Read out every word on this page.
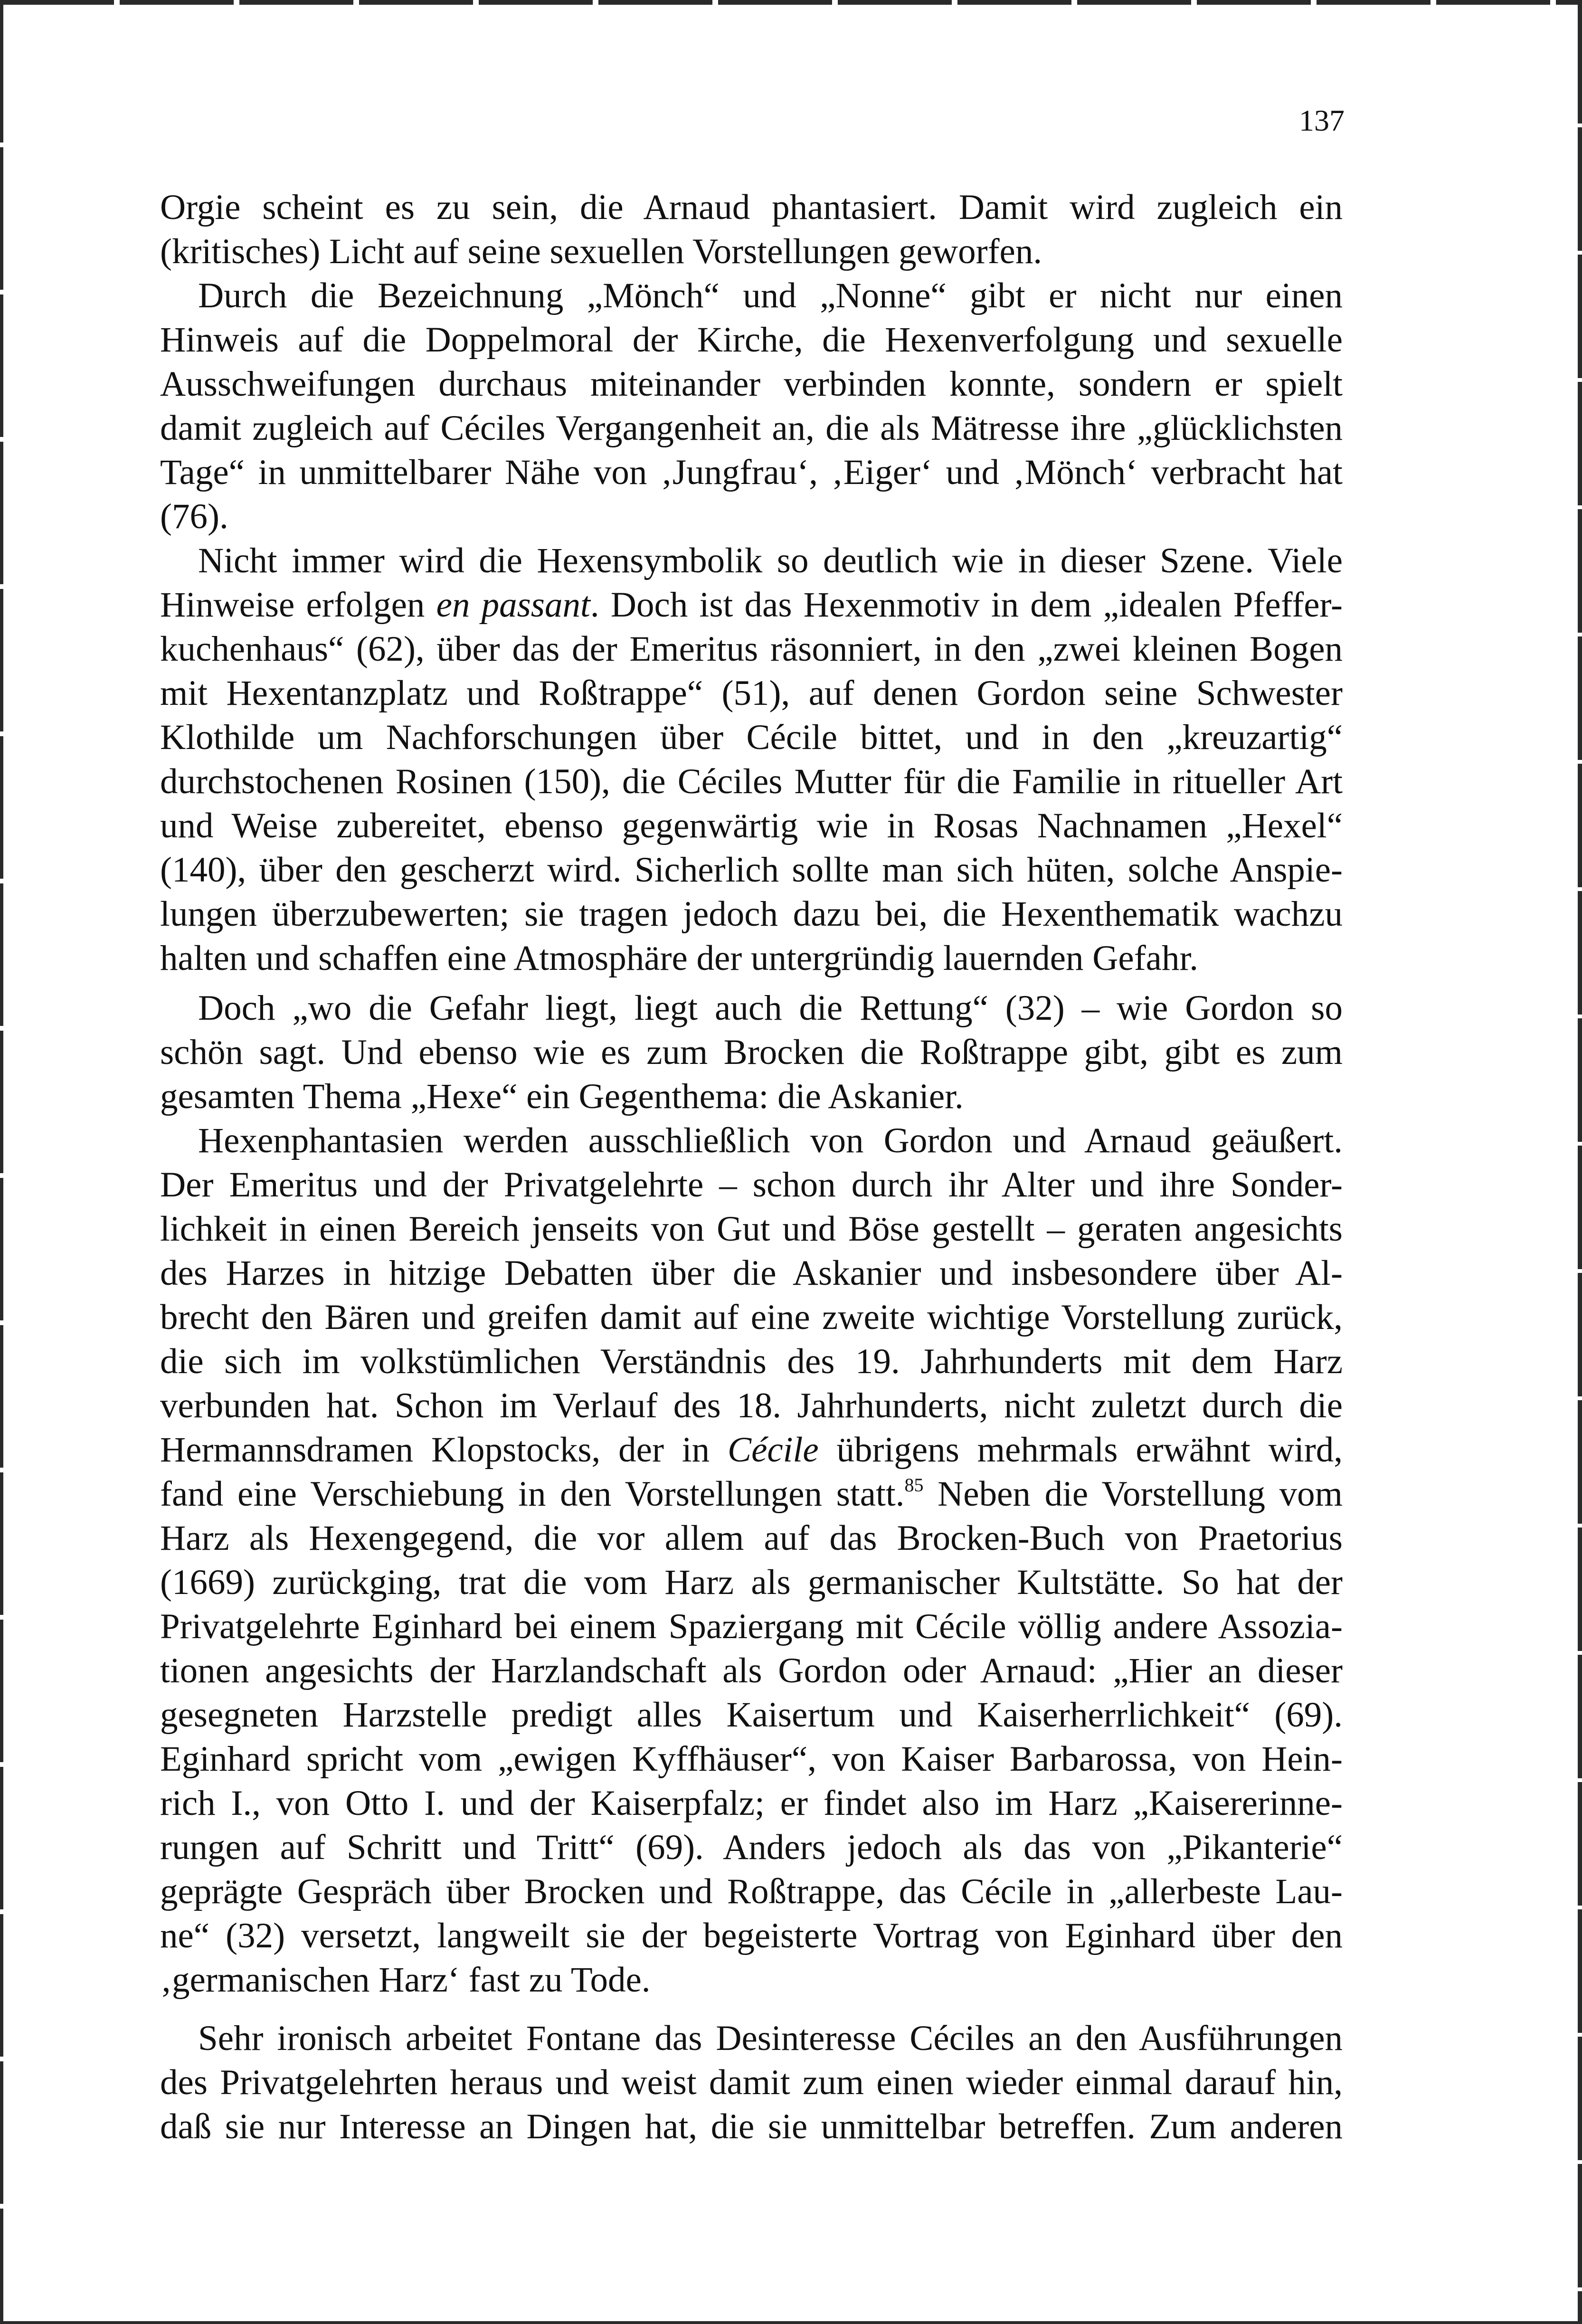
137
Orgie scheint es zu sein, die Arnaud phantasiert. Damit wird zugleich ein
(kritisches) Licht auf seine sexuellen Vorstellungen geworfen.
Durch die Bezeichnung „Mönch“ und „Nonne“ gibt er nicht nur einen
Hinweis auf die Doppelmoral der Kirche, die Hexenverfolgung und sexuelle
Ausschweifungen durchaus miteinander verbinden konnte, sondern er spielt
damit zugleich auf Céciles Vergangenheit an, die als Mätresse ihre „glücklichsten
Tage“ in unmittelbarer Nähe von ‚Jungfrau‘, ‚Eiger‘ und ‚Mönch‘ verbracht hat
(76).
Nicht immer wird die Hexensymbolik so deutlich wie in dieser Szene. Viele
Hinweise erfolgen en passant. Doch ist das Hexenmotiv in dem „idealen Pfeffer-
kuchenhaus“ (62), über das der Emeritus räsonniert, in den „zwei kleinen Bogen
mit Hexentanzplatz und Roßtrappe“ (51), auf denen Gordon seine Schwester
Klothilde um Nachforschungen über Cécile bittet, und in den „kreuzartig“
durchstochenen Rosinen (150), die Céciles Mutter für die Familie in ritueller Art
und Weise zubereitet, ebenso gegenwärtig wie in Rosas Nachnamen „Hexel“
(140), über den gescherzt wird. Sicherlich sollte man sich hüten, solche Anspie-
lungen überzubewerten; sie tragen jedoch dazu bei, die Hexenthematik wachzu
halten und schaffen eine Atmosphäre der untergründig lauernden Gefahr.
Doch „wo die Gefahr liegt, liegt auch die Rettung“ (32) – wie Gordon so
schön sagt. Und ebenso wie es zum Brocken die Roßtrappe gibt, gibt es zum
gesamten Thema „Hexe“ ein Gegenthema: die Askanier.
Hexenphantasien werden ausschließlich von Gordon und Arnaud geäußert.
Der Emeritus und der Privatgelehrte – schon durch ihr Alter und ihre Sonder-
lichkeit in einen Bereich jenseits von Gut und Böse gestellt – geraten angesichts
des Harzes in hitzige Debatten über die Askanier und insbesondere über Al-
brecht den Bären und greifen damit auf eine zweite wichtige Vorstellung zurück,
die sich im volkstümlichen Verständnis des 19. Jahrhunderts mit dem Harz
verbunden hat. Schon im Verlauf des 18. Jahrhunderts, nicht zuletzt durch die
Hermannsdramen Klopstocks, der in Cécile übrigens mehrmals erwähnt wird,
fand eine Verschiebung in den Vorstellungen statt.$^{85}$ Neben die Vorstellung vom
Harz als Hexengegend, die vor allem auf das Brocken-Buch von Praetorius
(1669) zurückging, trat die vom Harz als germanischer Kultstätte. So hat der
Privatgelehrte Eginhard bei einem Spaziergang mit Cécile völlig andere Assozia-
tionen angesichts der Harzlandschaft als Gordon oder Arnaud: „Hier an dieser
gesegneten Harzstelle predigt alles Kaisertum und Kaiserherrlichkeit“ (69).
Eginhard spricht vom „ewigen Kyffhäuser“, von Kaiser Barbarossa, von Hein-
rich I., von Otto I. und der Kaiserpfalz; er findet also im Harz „Kaisererinne-
rungen auf Schritt und Tritt“ (69). Anders jedoch als das von „Pikanterie“
geprägte Gespräch über Brocken und Roßtrappe, das Cécile in „allerbeste Lau-
ne“ (32) versetzt, langweilt sie der begeisterte Vortrag von Eginhard über den
‚germanischen Harz‘ fast zu Tode.
Sehr ironisch arbeitet Fontane das Desinteresse Céciles an den Ausführungen
des Privatgelehrten heraus und weist damit zum einen wieder einmal darauf hin,
daß sie nur Interesse an Dingen hat, die sie unmittelbar betreffen. Zum anderen
